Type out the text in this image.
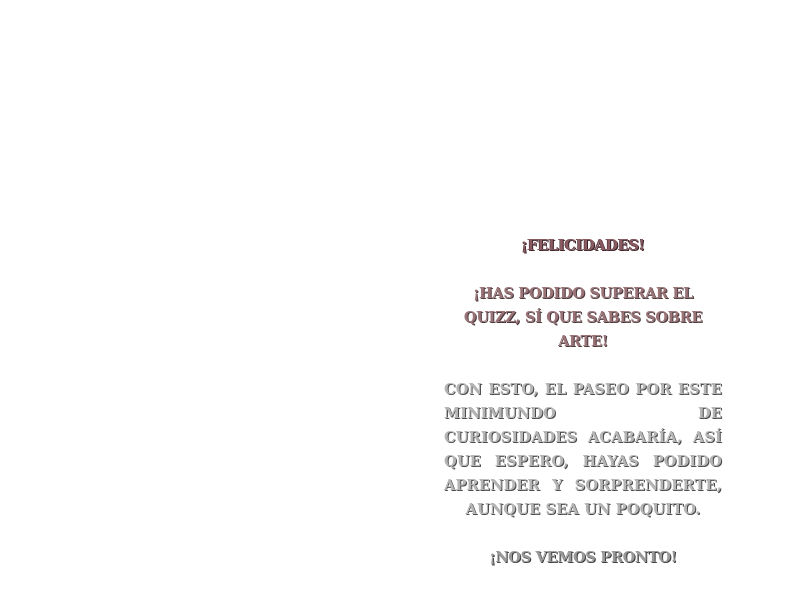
¡FELICIDADES!

¡HAS PODIDO SUPERAR EL QUIZZ, SÍ QUE SABES SOBRE ARTE!

CON ESTO, EL PASEO POR ESTE MINIMUNDO DE CURIOSIDADES ACABARÍA, ASÍ QUE ESPERO, HAYAS PODIDO APRENDER Y SORPRENDERTE, AUNQUE SEA UN POQUITO.

¡NOS VEMOS PRONTO!
